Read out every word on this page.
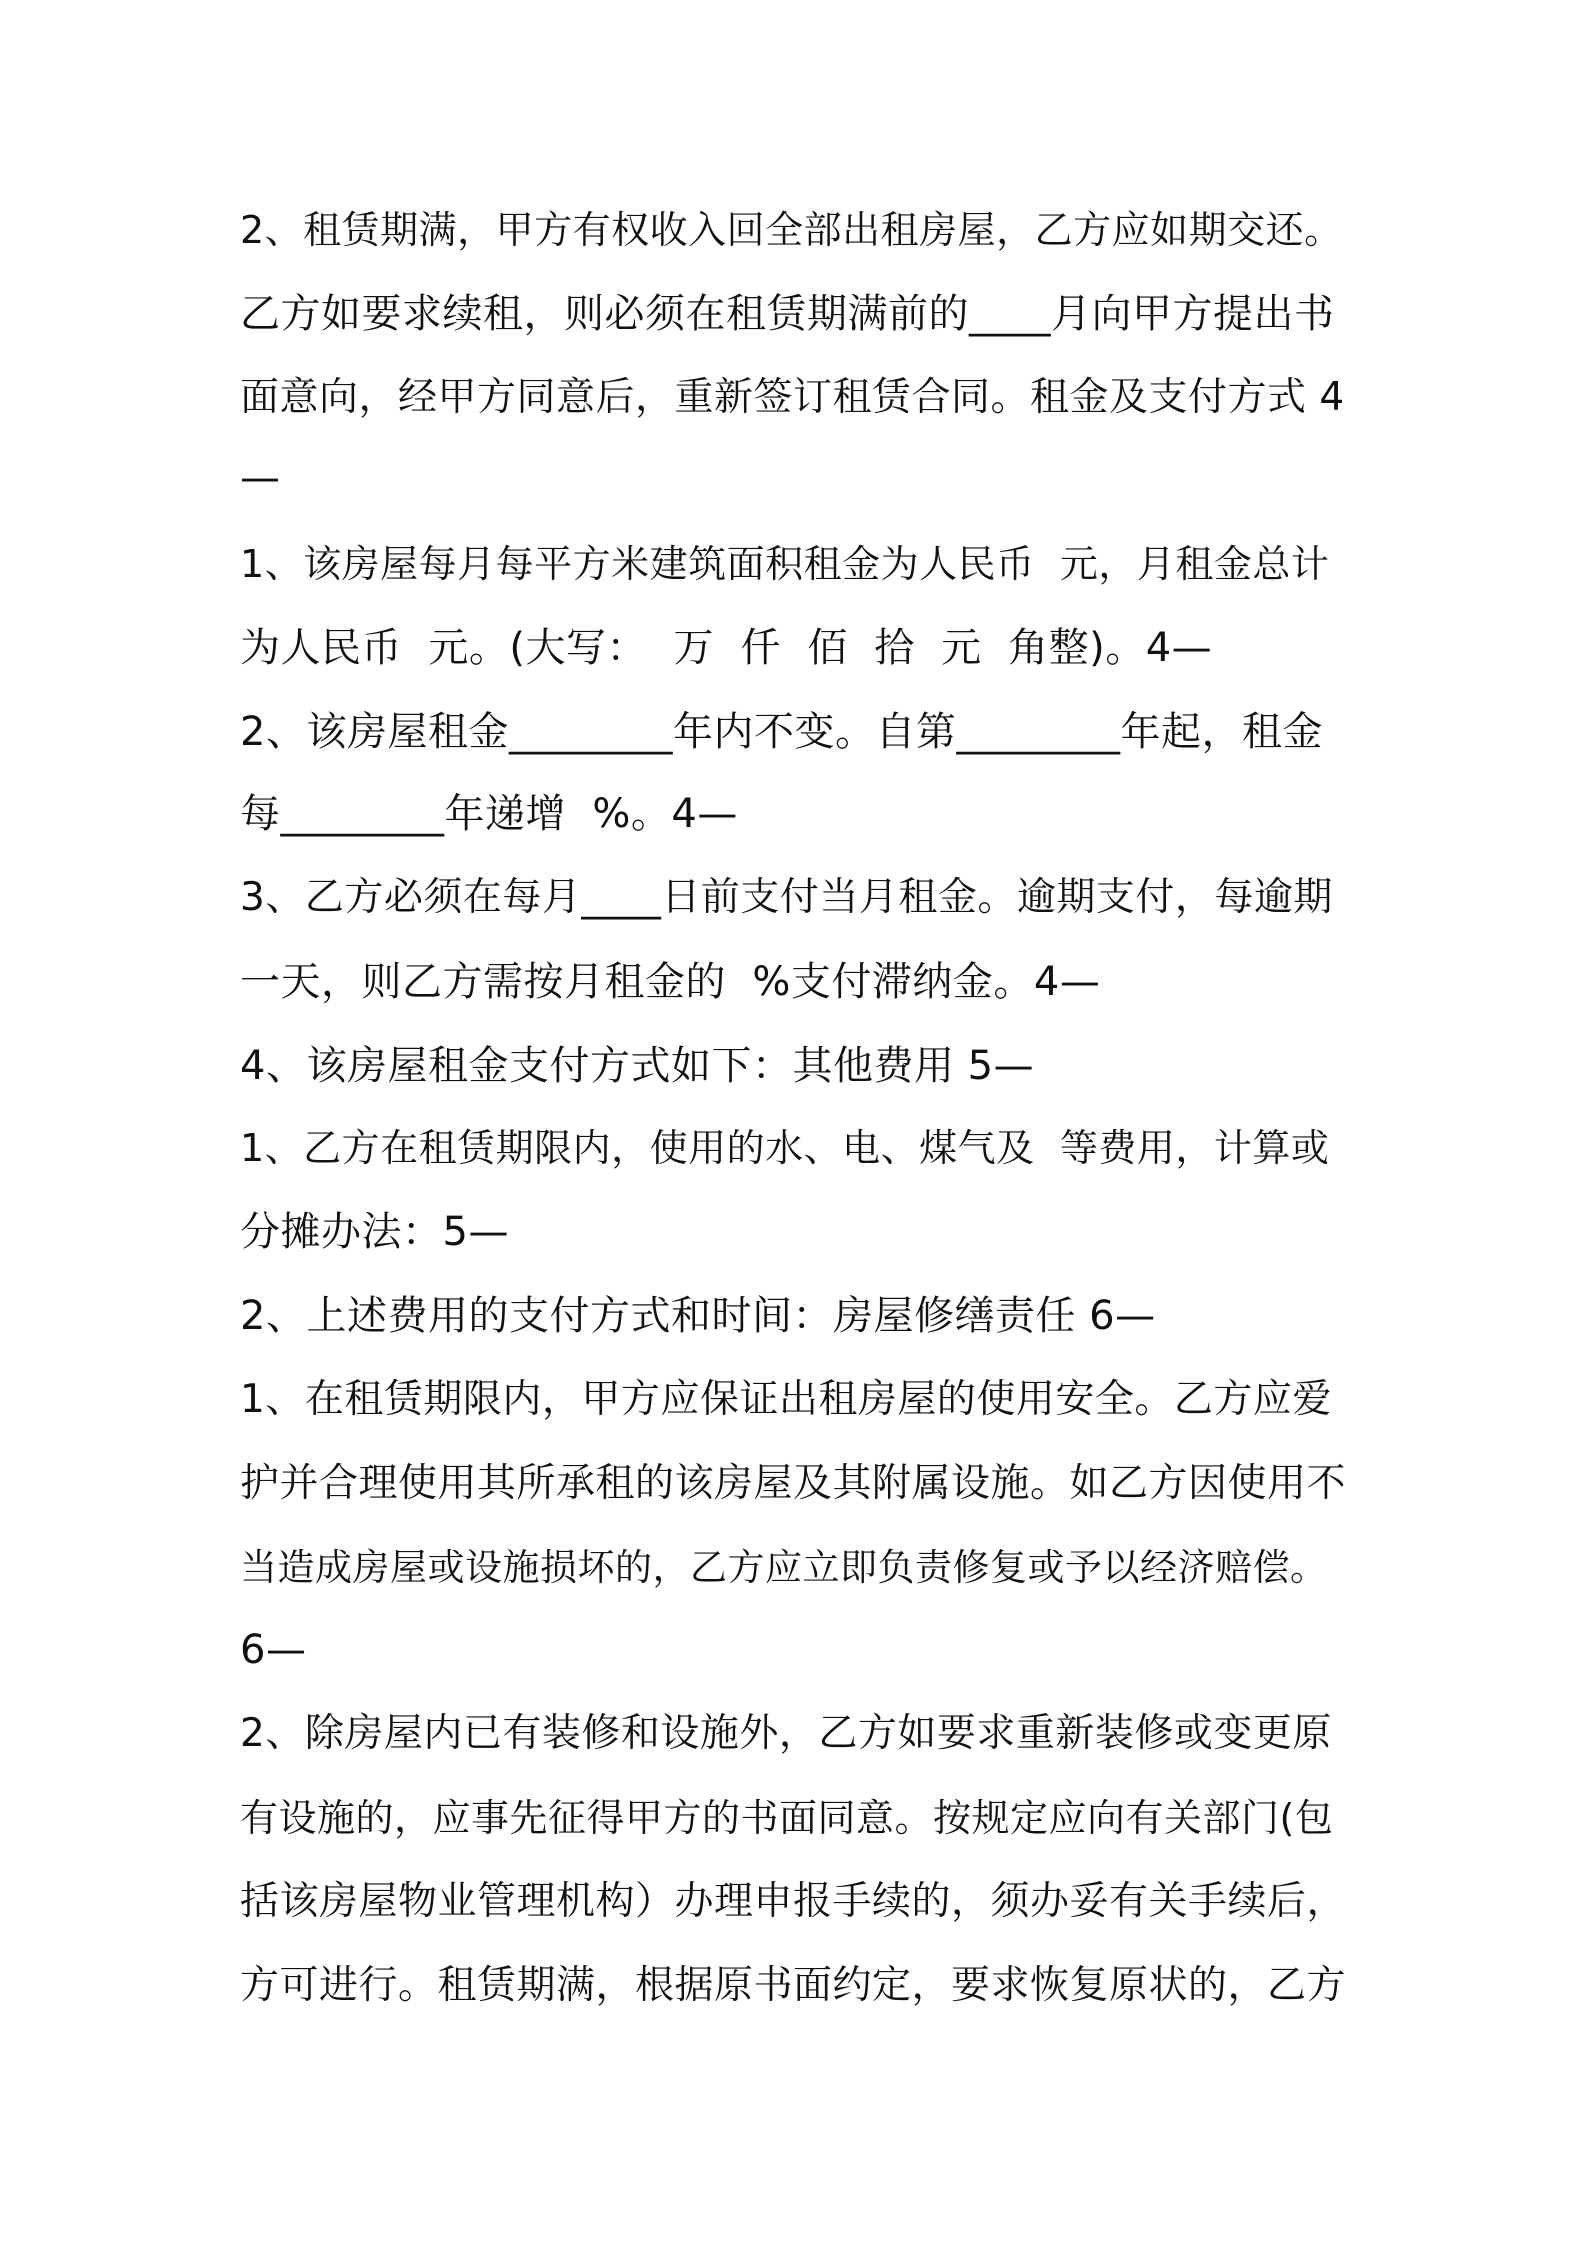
2、租赁期满，甲方有权收入回全部出租房屋，乙方应如期交还。

乙方如要求续租，则必须在租赁期满前的____月向甲方提出书

面意向，经甲方同意后，重新签订租赁合同。租金及支付方式 4

—

1、该房屋每月每平方米建筑面积租金为人民币  元，月租金总计

为人民币  元。(大写：  万  仟  佰  拾  元  角整)。4—

2、该房屋租金________年内不变。自第________年起，租金

每________年递增  %。4—

3、乙方必须在每月____日前支付当月租金。逾期支付，每逾期

一天，则乙方需按月租金的  %支付滞纳金。4—

4、该房屋租金支付方式如下：其他费用 5—

1、乙方在租赁期限内，使用的水、电、煤气及  等费用，计算或

分摊办法：5—

2、上述费用的支付方式和时间：房屋修缮责任 6—

1、在租赁期限内，甲方应保证出租房屋的使用安全。乙方应爱

护并合理使用其所承租的该房屋及其附属设施。如乙方因使用不

当造成房屋或设施损坏的，乙方应立即负责修复或予以经济赔偿。

6—

2、除房屋内已有装修和设施外，乙方如要求重新装修或变更原

有设施的，应事先征得甲方的书面同意。按规定应向有关部门(包

括该房屋物业管理机构）办理申报手续的，须办妥有关手续后，

方可进行。租赁期满，根据原书面约定，要求恢复原状的，乙方
